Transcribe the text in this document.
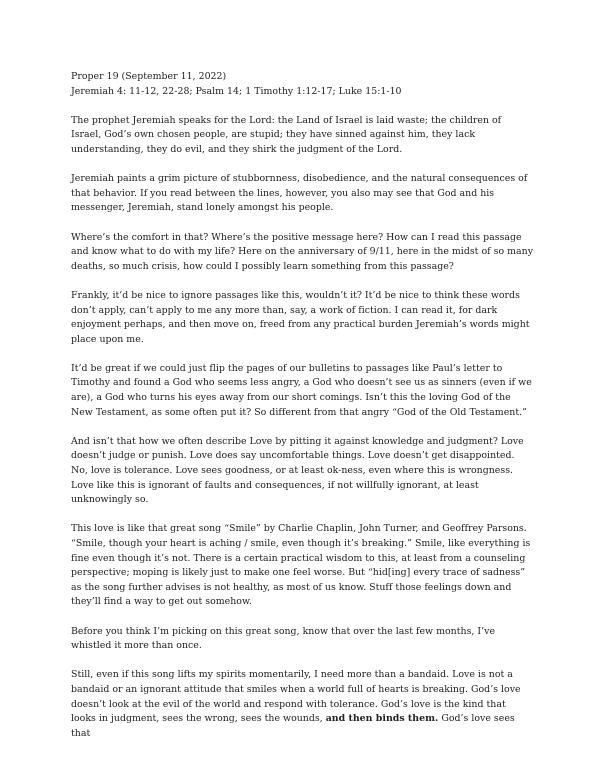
Proper 19 (September 11, 2022)

Jeremiah 4: 11-12, 22-28; Psalm 14; 1 Timothy 1:12-17; Luke 15:1-10

The prophet Jeremiah speaks for the Lord: the Land of Israel is laid waste; the children of Israel, God’s own chosen people, are stupid; they have sinned against him, they lack understanding, they do evil, and they shirk the judgment of the Lord.

Jeremiah paints a grim picture of stubbornness, disobedience, and the natural consequences of that behavior. If you read between the lines, however, you also may see that God and his messenger, Jeremiah, stand lonely amongst his people.

Where’s the comfort in that? Where’s the positive message here? How can I read this passage and know what to do with my life? Here on the anniversary of 9/11, here in the midst of so many deaths, so much crisis, how could I possibly learn something from this passage?

Frankly, it’d be nice to ignore passages like this, wouldn’t it? It’d be nice to think these words don’t apply, can’t apply to me any more than, say, a work of fiction. I can read it, for dark enjoyment perhaps, and then move on, freed from any practical burden Jeremiah’s words might place upon me.

It’d be great if we could just flip the pages of our bulletins to passages like Paul’s letter to Timothy and found a God who seems less angry, a God who doesn’t see us as sinners (even if we are), a God who turns his eyes away from our short comings. Isn’t this the loving God of the New Testament, as some often put it? So different from that angry “God of the Old Testament.”

And isn’t that how we often describe Love by pitting it against knowledge and judgment? Love doesn’t judge or punish. Love does say uncomfortable things. Love doesn’t get disappointed. No, love is tolerance. Love sees goodness, or at least ok-ness, even where this is wrongness. Love like this is ignorant of faults and consequences, if not willfully ignorant, at least unknowingly so.

This love is like that great song “Smile” by Charlie Chaplin, John Turner, and Geoffrey Parsons. “Smile, though your heart is aching / smile, even though it’s breaking.” Smile, like everything is fine even though it’s not. There is a certain practical wisdom to this, at least from a counseling perspective; moping is likely just to make one feel worse. But “hid[ing] every trace of sadness” as the song further advises is not healthy, as most of us know. Stuff those feelings down and they’ll find a way to get out somehow.

Before you think I’m picking on this great song, know that over the last few months, I’ve whistled it more than once.

Still, even if this song lifts my spirits momentarily, I need more than a bandaid. Love is not a bandaid or an ignorant attitude that smiles when a world full of hearts is breaking. God’s love doesn’t look at the evil of the world and respond with tolerance. God’s love is the kind that looks in judgment, sees the wrong, sees the wounds, and then binds them. God’s love sees that
